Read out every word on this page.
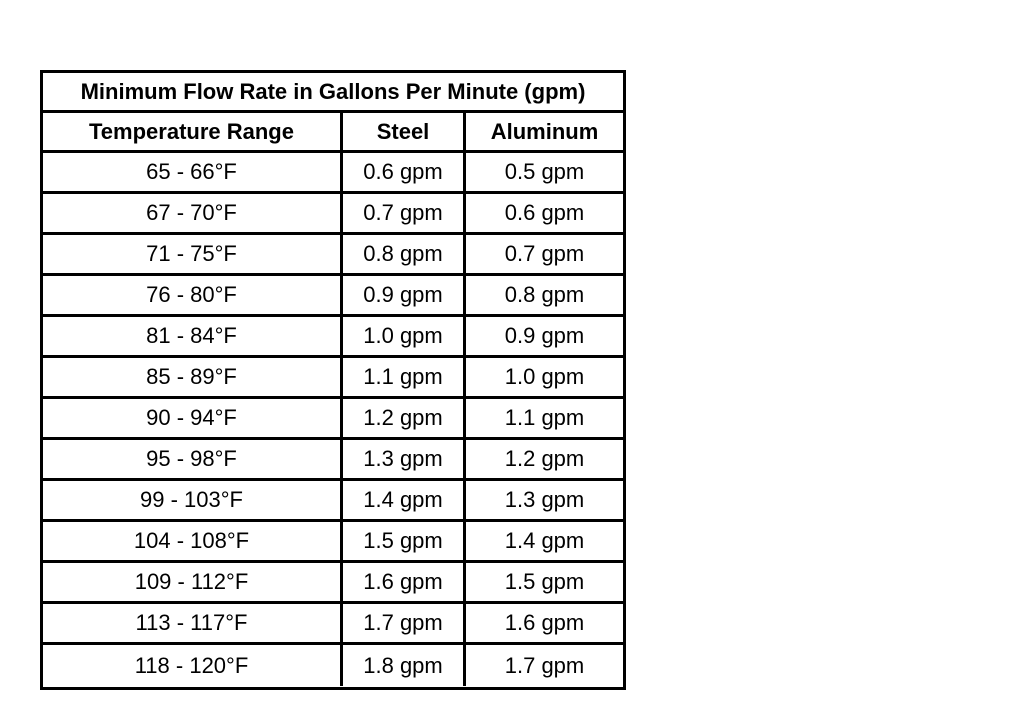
Minimum Flow Rate in Gallons Per Minute (gpm)
Temperature Range	Steel	Aluminum
65 - 66°F	0.6 gpm	0.5 gpm
67 - 70°F	0.7 gpm	0.6 gpm
71 - 75°F	0.8 gpm	0.7 gpm
76 - 80°F	0.9 gpm	0.8 gpm
81 - 84°F	1.0 gpm	0.9 gpm
85 - 89°F	1.1 gpm	1.0 gpm
90 - 94°F	1.2 gpm	1.1 gpm
95 - 98°F	1.3 gpm	1.2 gpm
99 - 103°F	1.4 gpm	1.3 gpm
104 - 108°F	1.5 gpm	1.4 gpm
109 - 112°F	1.6 gpm	1.5 gpm
113 - 117°F	1.7 gpm	1.6 gpm
118 - 120°F	1.8 gpm	1.7 gpm
